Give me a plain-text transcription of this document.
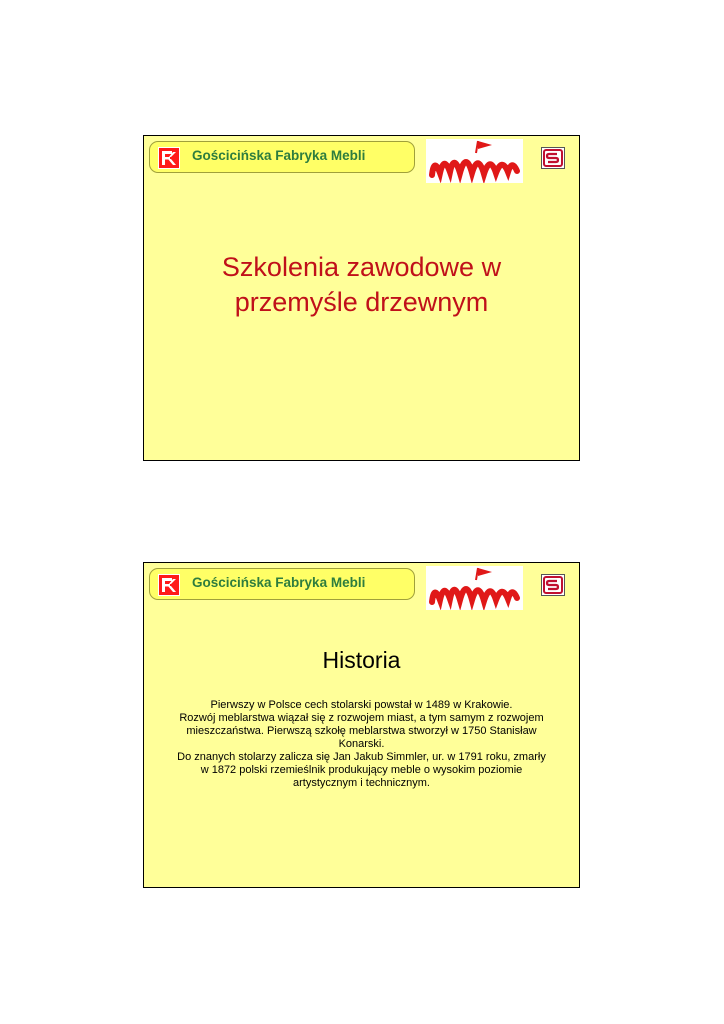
Gościcińska Fabryka Mebli
Szkolenia zawodowe w
przemyśle drzewnym
Gościcińska Fabryka Mebli
Historia
Pierwszy w Polsce cech stolarski powstał w 1489 w Krakowie.
Rozwój meblarstwa wiązał się z rozwojem miast, a tym samym z rozwojem
mieszczaństwa. Pierwszą szkołę meblarstwa stworzył w 1750 Stanisław Konarski.
Do znanych stolarzy zalicza się Jan Jakub Simmler, ur. w 1791 roku, zmarły
w 1872 polski rzemieślnik produkujący meble o wysokim poziomie
artystycznym i technicznym.
